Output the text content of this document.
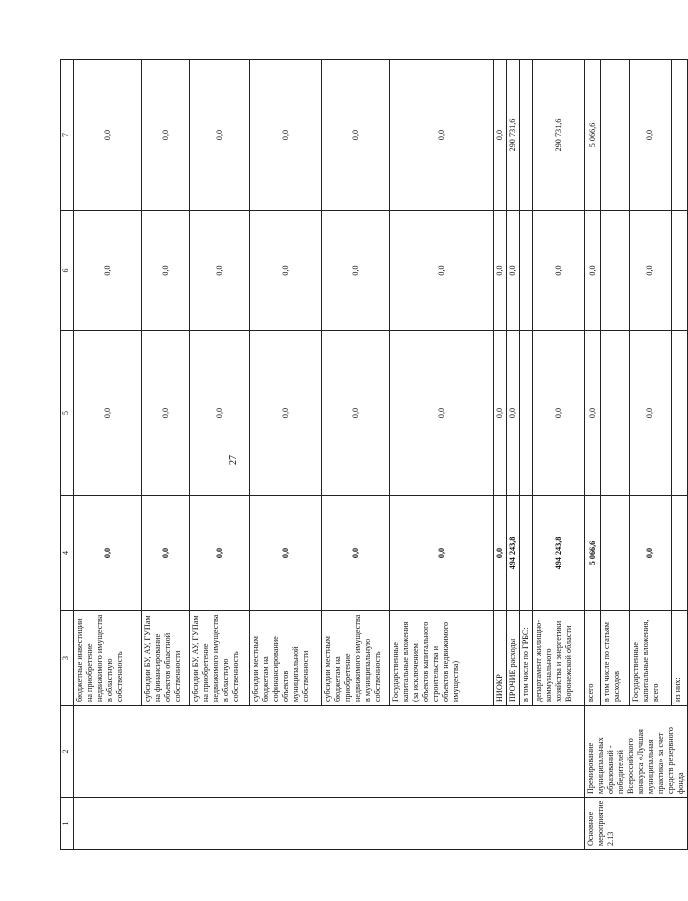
27
1	2	3	4	5	6	7
		бюджетные инвестиции на приобретение недвижимого имущества в областную собственность	0,0	0,0	0,0	0,0
		субсидии БУ, АУ, ГУПам на финансирование объектов областной собственности	0,0	0,0	0,0	0,0
		субсидии БУ, АУ, ГУПам на приобретение недвижимого имущества в областную собственность	0,0	0,0	0,0	0,0
		субсидии местным бюджетам на софинансирование объектов муниципальной собственности	0,0	0,0	0,0	0,0
		субсидии местным бюджетам на приобретение недвижимого имущества в муниципальную собственность	0,0	0,0	0,0	0,0
		Государственные капитальные вложения (за исключением объектов капитального строительства и объектов недвижимого имущества)	0,0	0,0	0,0	0,0
		НИОКР	0,0	0,0	0,0	0,0
		ПРОЧИЕ расходы	494 243,8	0,0	0,0	290 731,6
		в том числе по ГРБС:				
		департамент жилищно-коммунального хозяйства и энергетики Воронежской области	494 243,8	0,0	0,0	290 731,6
Основное мероприятие 2.13	Премирование муниципальных образований - победителей Всероссийского конкурса «Лучшая муниципальная практика» за счет средств резервного фонда	всего	5 066,6	0,0	0,0	5 066,6
		в том числе по статьям расходов				
		Государственные капитальные вложения, всего	0,0	0,0	0,0	0,0
		из них:				
